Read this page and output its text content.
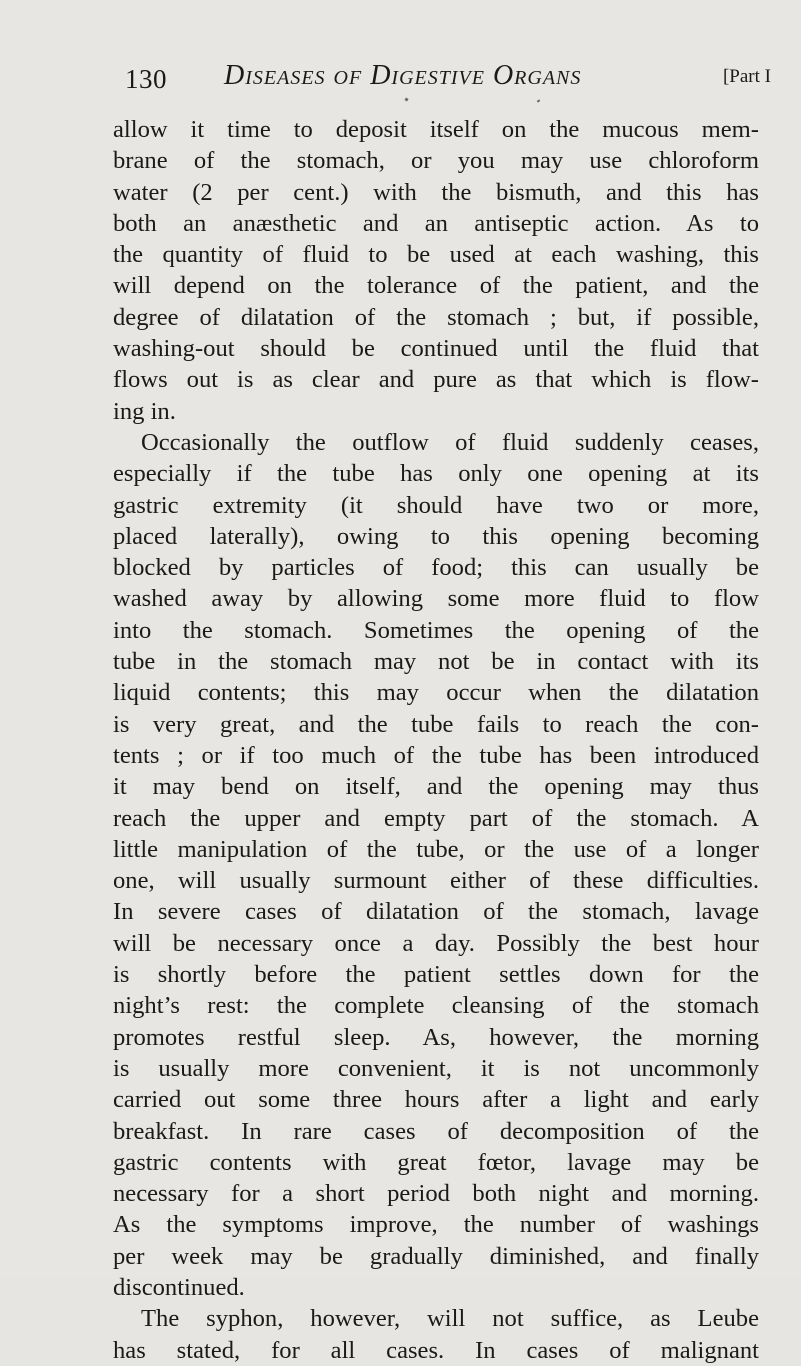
130 Diseases of Digestive Organs	[Part I
allow it time to deposit itself on the mucous mem-
brane of the stomach, or you may use chloroform
water (2 per cent.) with the bismuth, and this has
both an anæsthetic and an antiseptic action. As to
the quantity of fluid to be used at each washing, this
will depend on the tolerance of the patient, and the
degree of dilatation of the stomach ; but, if possible,
washing-out should be continued until the fluid that
flows out is as clear and pure as that which is flow-
ing in.
Occasionally the outflow of fluid suddenly ceases,
especially if the tube has only one opening at its
gastric extremity (it should have two or more,
placed laterally), owing to this opening becoming
blocked by particles of food; this can usually be
washed away by allowing some more fluid to flow
into the stomach. Sometimes the opening of the
tube in the stomach may not be in contact with its
liquid contents; this may occur when the dilatation
is very great, and the tube fails to reach the con-
tents ; or if too much of the tube has been introduced
it may bend on itself, and the opening may thus
reach the upper and empty part of the stomach. A
little manipulation of the tube, or the use of a longer
one, will usually surmount either of these difficulties.
In severe cases of dilatation of the stomach, lavage
will be necessary once a day. Possibly the best hour
is shortly before the patient settles down for the
night’s rest: the complete cleansing of the stomach
promotes restful sleep. As, however, the morning
is usually more convenient, it is not uncommonly
carried out some three hours after a light and early
breakfast. In rare cases of decomposition of the
gastric contents with great fœtor, lavage may be
necessary for a short period both night and morning.
As the symptoms improve, the number of washings
per week may be gradually diminished, and finally
discontinued.
The syphon, however, will not suffice, as Leube
has stated, for all cases. In cases of malignant
